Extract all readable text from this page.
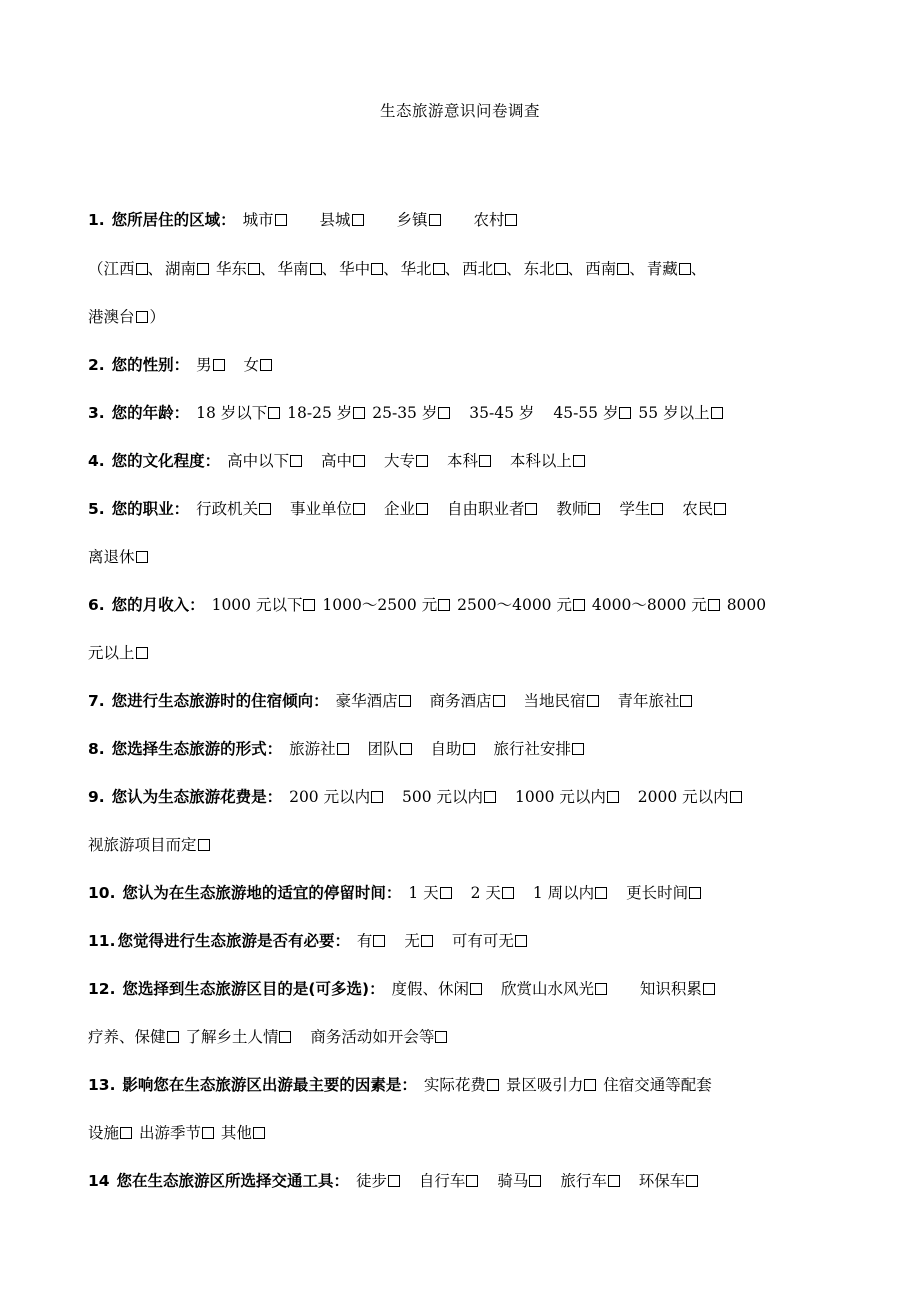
生态旅游意识问卷调查
1. 您所居住的区域： 城市	县城	乡镇	农村
（江西 、 湖南 华东 、 华南 、 华中 、 华北 、 西北 、 东北 、 西南 、 青藏 、
港澳台 ）
2. 您的性别： 男 女
3. 您的年龄： 18 岁以下 18-25 岁 25-35 岁 35-45 岁 45-55 岁 55 岁以上
4. 您的文化程度： 高中以下 高中 大专 本科 本科以上
5. 您的职业： 行政机关 事业单位 企业 自由职业者 教师 学生 农民
离退休
6. 您的月收入： 1000 元以下 1000～2500 元 2500～4000 元 4000～8000 元 8000
元以上
7. 您进行生态旅游时的住宿倾向： 豪华酒店 商务酒店 当地民宿 青年旅社
8. 您选择生态旅游的形式： 旅游社 团队 自助 旅行社安排
9. 您认为生态旅游花费是： 200 元以内 500 元以内 1000 元以内 2000 元以内
视旅游项目而定
10. 您认为在生态旅游地的适宜的停留时间： 1 天 2 天 1 周以内 更长时间
11. 您觉得进行生态旅游是否有必要： 有 无 可有可无
12. 您选择到生态旅游区目的是(可多选)： 度假、休闲 欣赏山水风光	知识积累
疗养、保健 了解乡土人情 商务活动如开会等
13. 影响您在生态旅游区出游最主要的因素是： 实际花费 景区吸引力 住宿交通等配套
设施 出游季节 其他
14 您在生态旅游区所选择交通工具： 徒步 自行车 骑马 旅行车 环保车
